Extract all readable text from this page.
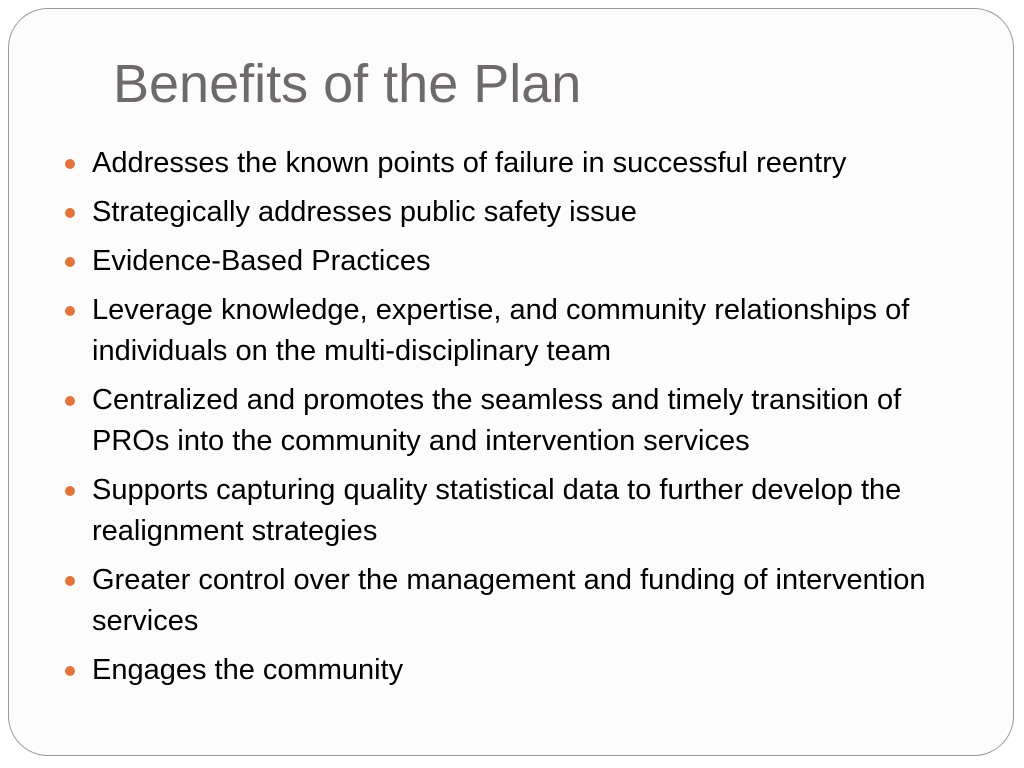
Benefits of the Plan
Addresses the known points of failure in successful reentry
Strategically addresses public safety issue
Evidence-Based Practices
Leverage knowledge, expertise, and community relationships of individuals on the multi-disciplinary team
Centralized and promotes the seamless and timely transition of PROs into the community and intervention services
Supports capturing quality statistical data to further develop the realignment strategies
Greater control over the management and funding of intervention services
Engages the community
